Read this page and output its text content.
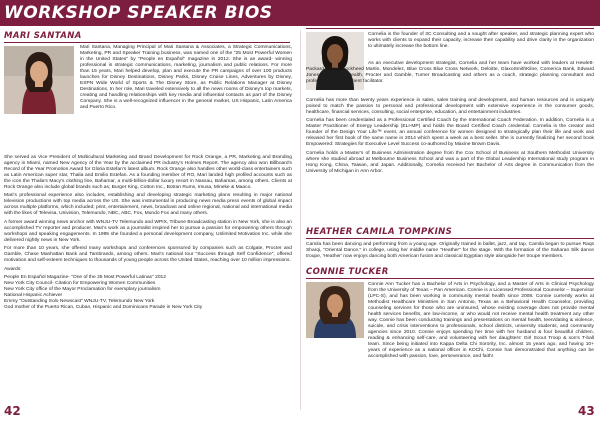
WORKSHOP SPEAKER BIOS
MARI SANTANA

Mari Santana, Managing Principal of Mari Santana & Associates, a Strategic Communications, Marketing, PR and Speaker Training business, was named one of the "25 Most Powerful Women in the United States" by "People en Español" magazine in 2012. She is an award- winning professional in strategic communications, marketing, journalism and public relations. For more than 15 years, Mari helped develop, plan and execute the PR campaigns of over 100 products launches for Disney Destinations, Disney Parks, Disney Cruise Lines, Adventures by Disney, ESPN Wide World of Sports & The Disney Store, as Public Relations Manager at Disney Destinations. In her role, Mari traveled extensively to all the news rooms of Disney's top markets, creating and handling relationships with key media and influential contacts as part of the Disney Company. She is a well-recognized influencer in the general market, US Hispanic, Latin America and Puerto Rico.

She served as Vice President of Multicultural Marketing and Brand Development for Rock Orange, a PR, Marketing and Branding agency in Miami, named New Agency of the Year by the acclaimed PR industry's Holmes Report. The agency also won Billboard's Record of the Year Promotion Award for Gloria Estefan's latest album. Rock Orange also handles other world-class entertainers such as Latin American super star, Thalia and Emilio Estefan. As a founding member of RO, Mari landed high profiled accounts such as the icon the Thalia's Macy's clothing line, Bahamar, a multi-billion-dollar luxury resort in Nassau, Bahamas, among others. Clients at Rock Orange also include global brands such as; Burger King, Cotton Inc., Botran Rums, Imusa, Mineke & Maaco.

Mari's professional experience also includes, establishing and developing strategic marketing plans resulting in major national television productions with top media across the US. She was instrumental in producing news media press events of global impact across multiple platforms, which included; print, entertainment, news, broadcast and online regional, national and international media with the likes of Televisa, Univision, Telemundo, NBC, ABC, Fox, Mundo Fox and many others.

A former award winning news anchor with WNJU-TV Telemundo and WPIX, Tribune Broadcasting station in New York, she is also an accomplished TV reporter and producer. Mari's work as a journalist inspired her to pursue a passion for empowering others through workshops and speaking engagements. In 1995 she founded a personal development company, Unlimited Motivation Inc. while she delivered nightly news in New York.

For more than 10 years, she offered many workshops and conferences sponsored by companies such as Colgate, Procter and Gamble, Chase Manhattan Bank and Tambrands, among others. Mari's national tour "Success through Self Confidence", offered motivation and self-esteem techniques to thousands of young people across the United States, reaching over 10 million impressions.

Awards:

People En Español Magazine- "One of the 25 Most Powerful Latinas" 2012
New York City Council- Citation for Empowering Women Communities
New York City office of the Mayor Proclamation for exemplary journalism
National Hispanic Achiever
Emmy "Outstanding Solo Newscast" WNJU-TV, Telemundo New York
God mother of the Puerto Rican, Cuban, Hispanic and Dominicans Parade in New York City
42
CORNELIA SHIPLEY

Cornelia is the founder of 3C Consulting and a sought after speaker, and strategic planning expert who works with clients to expand their capacity, increase their capability and drive clarity in the organization to ultimately increase the bottom line.

As an executive development strategist, Cornelia and her team have worked with leaders at Hewlett-Packard, Pfizer, Lockheed Martin, Mondelez, Blue Cross Blue Cross Network, Deloitte, GlaxoSmithKline, Comerica Bank, Edward Jones, Ascension Health, Procter and Gamble, Turner Broadcasting and others as a coach, strategic planning consultant and professional development facilitator.

Cornelia has more than twenty years experience in sales, sales training and development, and human resources and is uniquely poised to match the passion to personal and professional development with extensive experience in the consumer goods, healthcare, financial services, consulting, social enterprise, education, and entertainment industries.

Cornelia has been credentialed as a Professional Certified Coach by the International Coach Federation. In addition, Cornelia is a Master Practitioner of Energy Leadership (ELI-MP) and holds the Board Certified Coach credential. Cornelia is the creator and founder of the Design Your Life™ event, an annual conference for women designed to strategically plan their life and work and released her first book of the same name in 2014 which spent a week as a best seller. She is currently finalizing her second book Empowered: Strategies for Executive Level Success co-authored by Maxine Brown Davis.

Cornelia holds a Master's of Business Administration degree from the Cox School of Business at Southern Methodist University where she studied abroad at Melbourne Business School and was a part of the Global Leadership International study program in Hong Kong, China, Taiwan, and Japan. Additionally, Cornelia received her Bachelor of Arts degree in Communication from the University of Michigan in Ann Arbor.

HEATHER CAMILA TOMPKINS

Camila has been dancing and performing from a young age. Originally trained in ballet, jazz, and tap, Camila began to pursue Raqs Sharqi, "Oriental Dance," in college, using her middle name "Heather" for the stage. With the formation of the Saharan Silk dance troupe, 'Heather' now enjoys dancing both American fusion and classical Egyptian style alongside her troupe members.

CONNIE TUCKER

Connie Ann Tucker has a Bachelor of Arts in Psychology, and a Master of Arts in Clinical Psychology from the University of Texas – Pan American. Connie is a Licensed Professional Counselor – Supervisor (LPC-S), and has been working in community mental health since 2008. Connie currently works at Methodist Healthcare Ministries in San Antonio, Texas as a Behavioral Health Counselor, providing counseling services for those who are uninsured, whose existing coverage does not provide mental health services benefits, are low-income, or who would not receive mental health treatment any other way. Connie has been conducting trainings and presentations on mental health, teen/dating & violence, suicide, and crisis interventions to professionals, school districts, university students, and community agencies since 2010. Connie enjoys spending her time with her husband & four beautiful children, reading & enhancing self-care, and volunteering with her daughters' Girl Scout Troop & son's T-ball team. Since being initiated into Kappa Delta Chi Sorority, Inc. almost 15 years ago, and having 10+ years of experience as a national officer in KDChi, Connie has demonstrated that anything can be accomplished with passion, love, perseverance, and faith!

43
